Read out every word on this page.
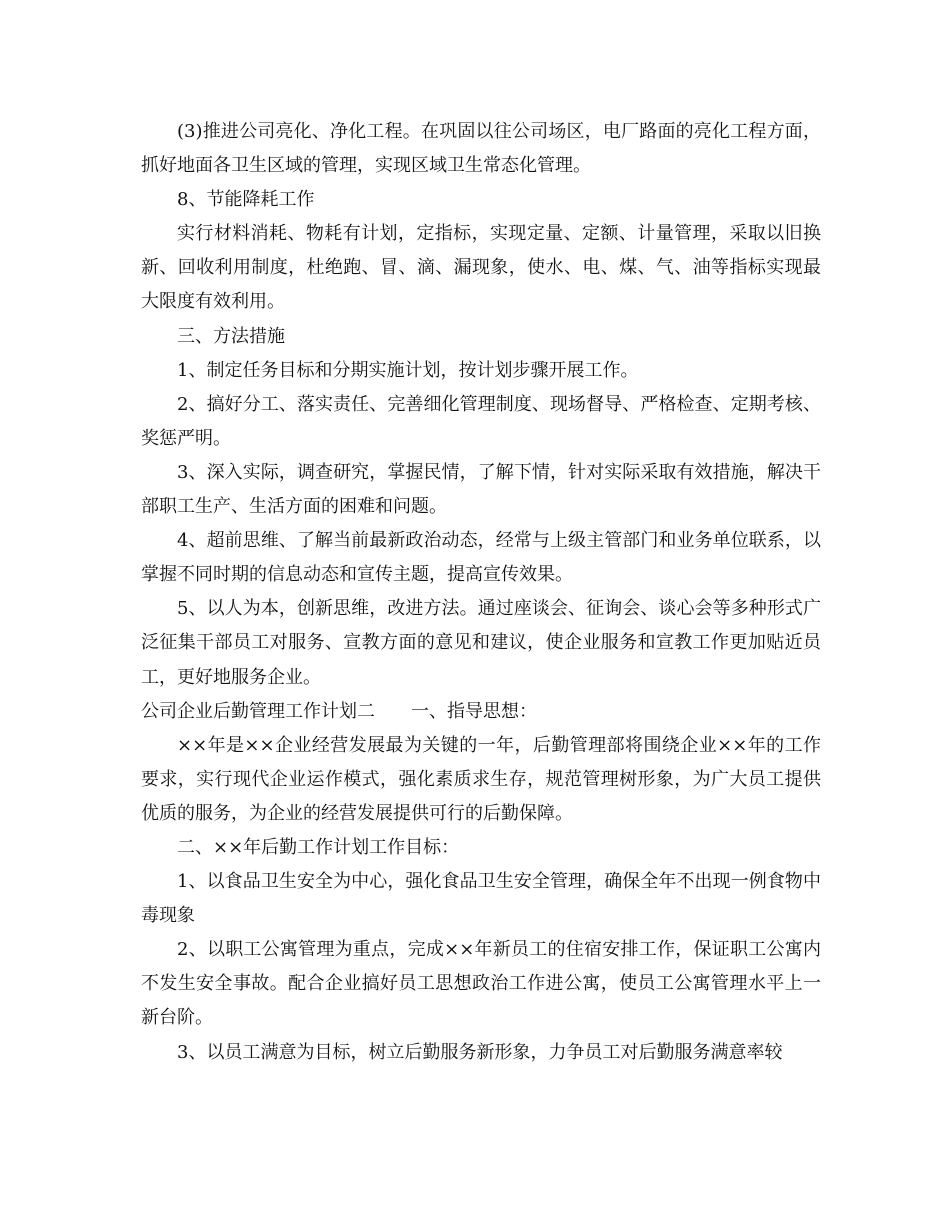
(3)推进公司亮化、净化工程。在巩固以往公司场区，电厂路面的亮化工程方面，抓好地面各卫生区域的管理，实现区域卫生常态化管理。

8、节能降耗工作

实行材料消耗、物耗有计划，定指标，实现定量、定额、计量管理，采取以旧换新、回收利用制度，杜绝跑、冒、滴、漏现象，使水、电、煤、气、油等指标实现最大限度有效利用。

三、方法措施

1、制定任务目标和分期实施计划，按计划步骤开展工作。

2、搞好分工、落实责任、完善细化管理制度、现场督导、严格检查、定期考核、奖惩严明。

3、深入实际，调查研究，掌握民情，了解下情，针对实际采取有效措施，解决干部职工生产、生活方面的困难和问题。

4、超前思维、了解当前最新政治动态，经常与上级主管部门和业务单位联系，以掌握不同时期的信息动态和宣传主题，提高宣传效果。

5、以人为本，创新思维，改进方法。通过座谈会、征询会、谈心会等多种形式广泛征集干部员工对服务、宣教方面的意见和建议，使企业服务和宣教工作更加贴近员工，更好地服务企业。

公司企业后勤管理工作计划二　　一、指导思想：

××年是××企业经营发展最为关键的一年，后勤管理部将围绕企业××年的工作要求，实行现代企业运作模式，强化素质求生存，规范管理树形象，为广大员工提供优质的服务，为企业的经营发展提供可行的后勤保障。

二、××年后勤工作计划工作目标：

1、以食品卫生安全为中心，强化食品卫生安全管理，确保全年不出现一例食物中毒现象

2、以职工公寓管理为重点，完成××年新员工的住宿安排工作，保证职工公寓内不发生安全事故。配合企业搞好员工思想政治工作进公寓，使员工公寓管理水平上一新台阶。

3、以员工满意为目标，树立后勤服务新形象，力争员工对后勤服务满意率较
